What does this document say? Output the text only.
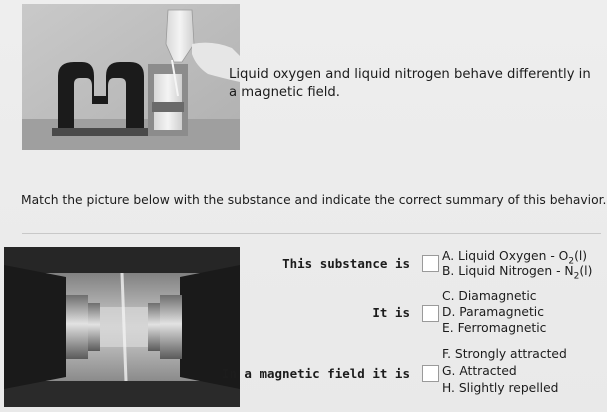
Liquid oxygen and liquid nitrogen behave differently in a magnetic field.
Match the picture below with the substance and indicate the correct summary of this behavior.
This substance is	A. Liquid Oxygen - $O_2(l)$
B. Liquid Nitrogen - $N_2(l)$
It is
C. Diamagnetic
D. Paramagnetic
E. Ferromagnetic
In a magnetic field it is
F. Strongly attracted
G. Attracted
H. Slightly repelled
